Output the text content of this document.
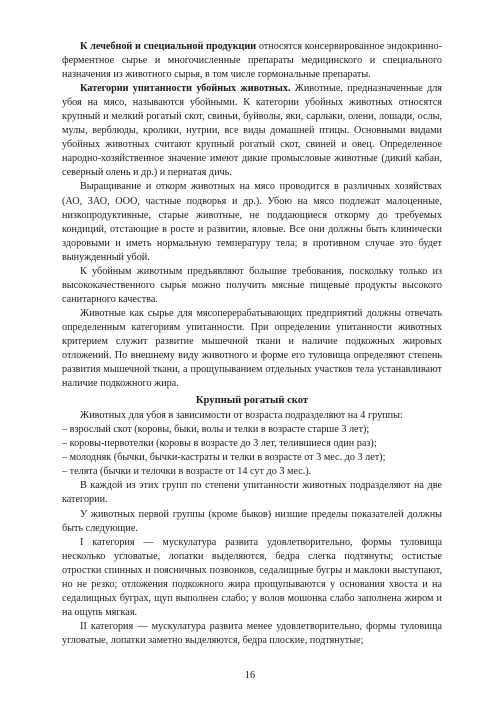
К лечебной и специальной продукции относятся консервированное эндокринно-ферментное сырье и многочисленные препараты медицинского и специального назначения из животного сырья, в том числе гормональные препараты.

Категории упитанности убойных животных. Животные, предназначенные для убоя на мясо, называются убойными. К категории убойных животных относятся крупный и мелкий рогатый скот, свиньи, буйволы, яки, сарлыки, олени, лошади, ослы, мулы, верблюды, кролики, нутрии, все виды домашней птицы. Основными видами убойных животных считают крупный рогатый скот, свиней и овец. Определенное народно-хозяйственное значение имеют дикие промысловые животные (дикий кабан, северный олень и др.) и пернатая дичь.

Выращивание и откорм животных на мясо проводится в различных хозяйствах (АО, ЗАО, ООО, частные подворья и др.). Убою на мясо подлежат малоценные, низкопродуктивные, старые животные, не поддающиеся откорму до требуемых кондиций, отстающие в росте и развитии, яловые. Все они должны быть клинически здоровыми и иметь нормальную температуру тела; в противном случае это будет вынужденный убой.

К убойным животным предъявляют большие требования, поскольку только из высококачественного сырья можно получить мясные пищевые продукты высокого санитарного качества.

Животные как сырье для мясоперерабатывающих предприятий должны отвечать определенным категориям упитанности. При определении упитанности животных критерием служит развитие мышечной ткани и наличие подкожных жировых отложений. По внешнему виду животного и форме его туловища определяют степень развития мышечной ткани, а прощупыванием отдельных участков тела устанавливают наличие подкожного жира.

Крупный рогатый скот

Животных для убоя в зависимости от возраста подразделяют на 4 группы:

– взрослый скот (коровы, быки, волы и телки в возрасте старше 3 лет);

– коровы-первотелки (коровы в возрасте до 3 лет, телившиеся один раз);

– молодняк (бычки, бычки-кастраты и телки в возрасте от 3 мес. до 3 лет);

– телята (бычки и телочки в возрасте от 14 сут до 3 мес.).

В каждой из этих групп по степени упитанности животных подразделяют на две категории.

У животных первой группы (кроме быков) низшие пределы показателей должны быть следующие.

I категория — мускулатура развита удовлетворительно, формы туловища несколько угловатые, лопатки выделяются, бедра слегка подтянуты; остистые отростки спинных и поясничных позвонков, седалищные бугры и маклоки выступают, но не резко; отложения подкожного жира прощупываются у основания хвоста и на седалищных буграх, щуп выполнен слабо; у волов мошонка слабо заполнена жиром и на ощупь мягкая.

II категория — мускулатура развита менее удовлетворительно, формы туловища угловатые, лопатки заметно выделяются, бедра плоские, подтянутые;

16
